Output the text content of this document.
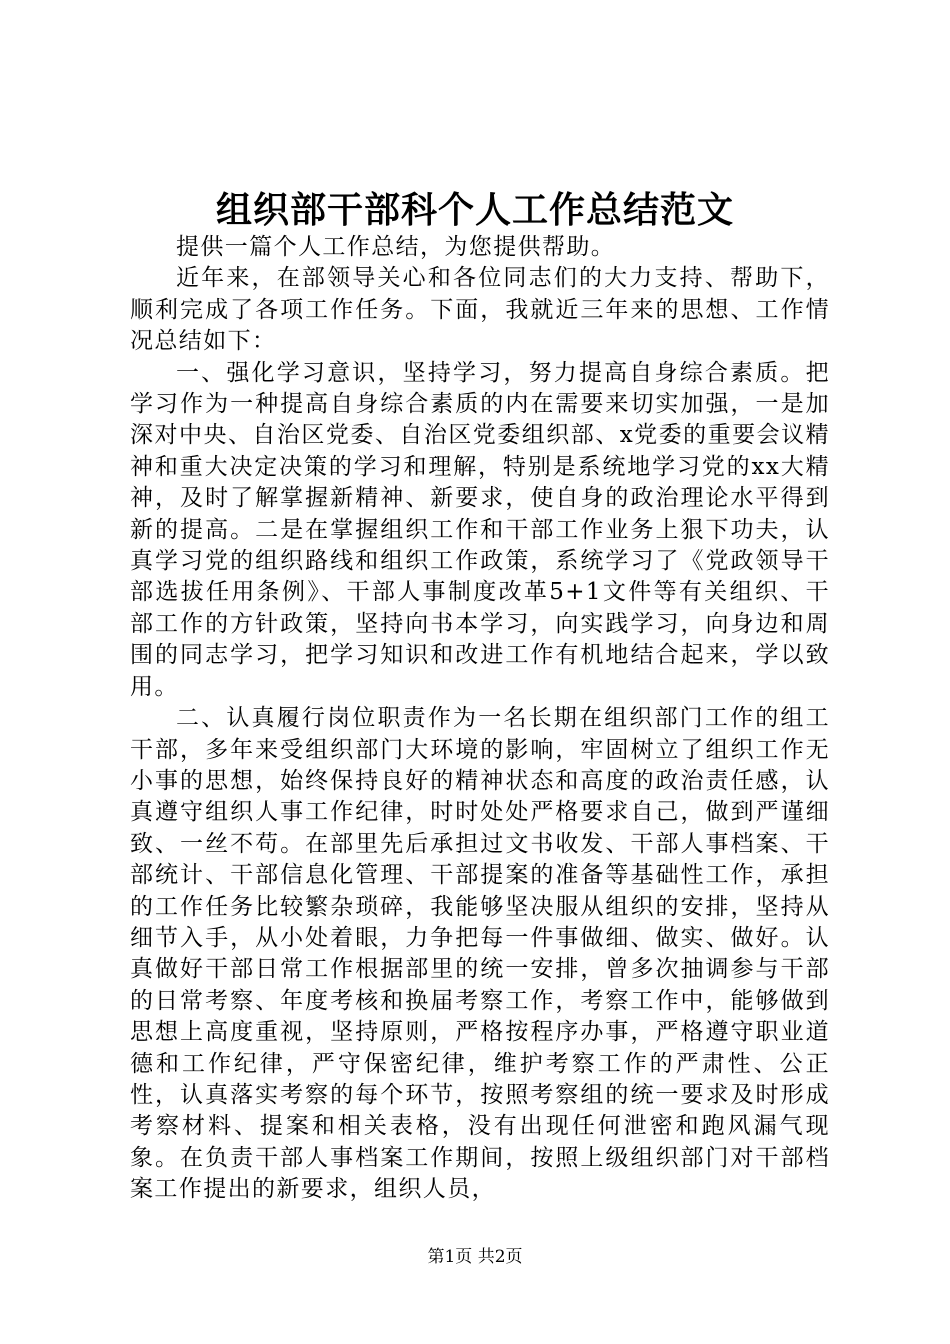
组织部干部科个人工作总结范文

提供一篇个人工作总结，为您提供帮助。

近年来，在部领导关心和各位同志们的大力支持、帮助下，顺利完成了各项工作任务。下面，我就近三年来的思想、工作情况总结如下：

一、强化学习意识，坚持学习，努力提高自身综合素质。把学习作为一种提高自身综合素质的内在需要来切实加强，一是加深对中央、自治区党委、自治区党委组织部、x党委的重要会议精神和重大决定决策的学习和理解，特别是系统地学习党的xx大精神，及时了解掌握新精神、新要求，使自身的政治理论水平得到新的提高。二是在掌握组织工作和干部工作业务上狠下功夫，认真学习党的组织路线和组织工作政策，系统学习了《党政领导干部选拔任用条例》、干部人事制度改革5+1文件等有关组织、干部工作的方针政策，坚持向书本学习，向实践学习，向身边和周围的同志学习，把学习知识和改进工作有机地结合起来，学以致用。

二、认真履行岗位职责作为一名长期在组织部门工作的组工干部，多年来受组织部门大环境的影响，牢固树立了组织工作无小事的思想，始终保持良好的精神状态和高度的政治责任感，认真遵守组织人事工作纪律，时时处处严格要求自己，做到严谨细致、一丝不苟。在部里先后承担过文书收发、干部人事档案、干部统计、干部信息化管理、干部提案的准备等基础性工作，承担的工作任务比较繁杂琐碎，我能够坚决服从组织的安排，坚持从细节入手，从小处着眼，力争把每一件事做细、做实、做好。认真做好干部日常工作根据部里的统一安排，曾多次抽调参与干部的日常考察、年度考核和换届考察工作，考察工作中，能够做到思想上高度重视，坚持原则，严格按程序办事，严格遵守职业道德和工作纪律，严守保密纪律，维护考察工作的严肃性、公正性，认真落实考察的每个环节，按照考察组的统一要求及时形成考察材料、提案和相关表格，没有出现任何泄密和跑风漏气现象。在负责干部人事档案工作期间，按照上级组织部门对干部档案工作提出的新要求，组织人员，

第1页 共2页
